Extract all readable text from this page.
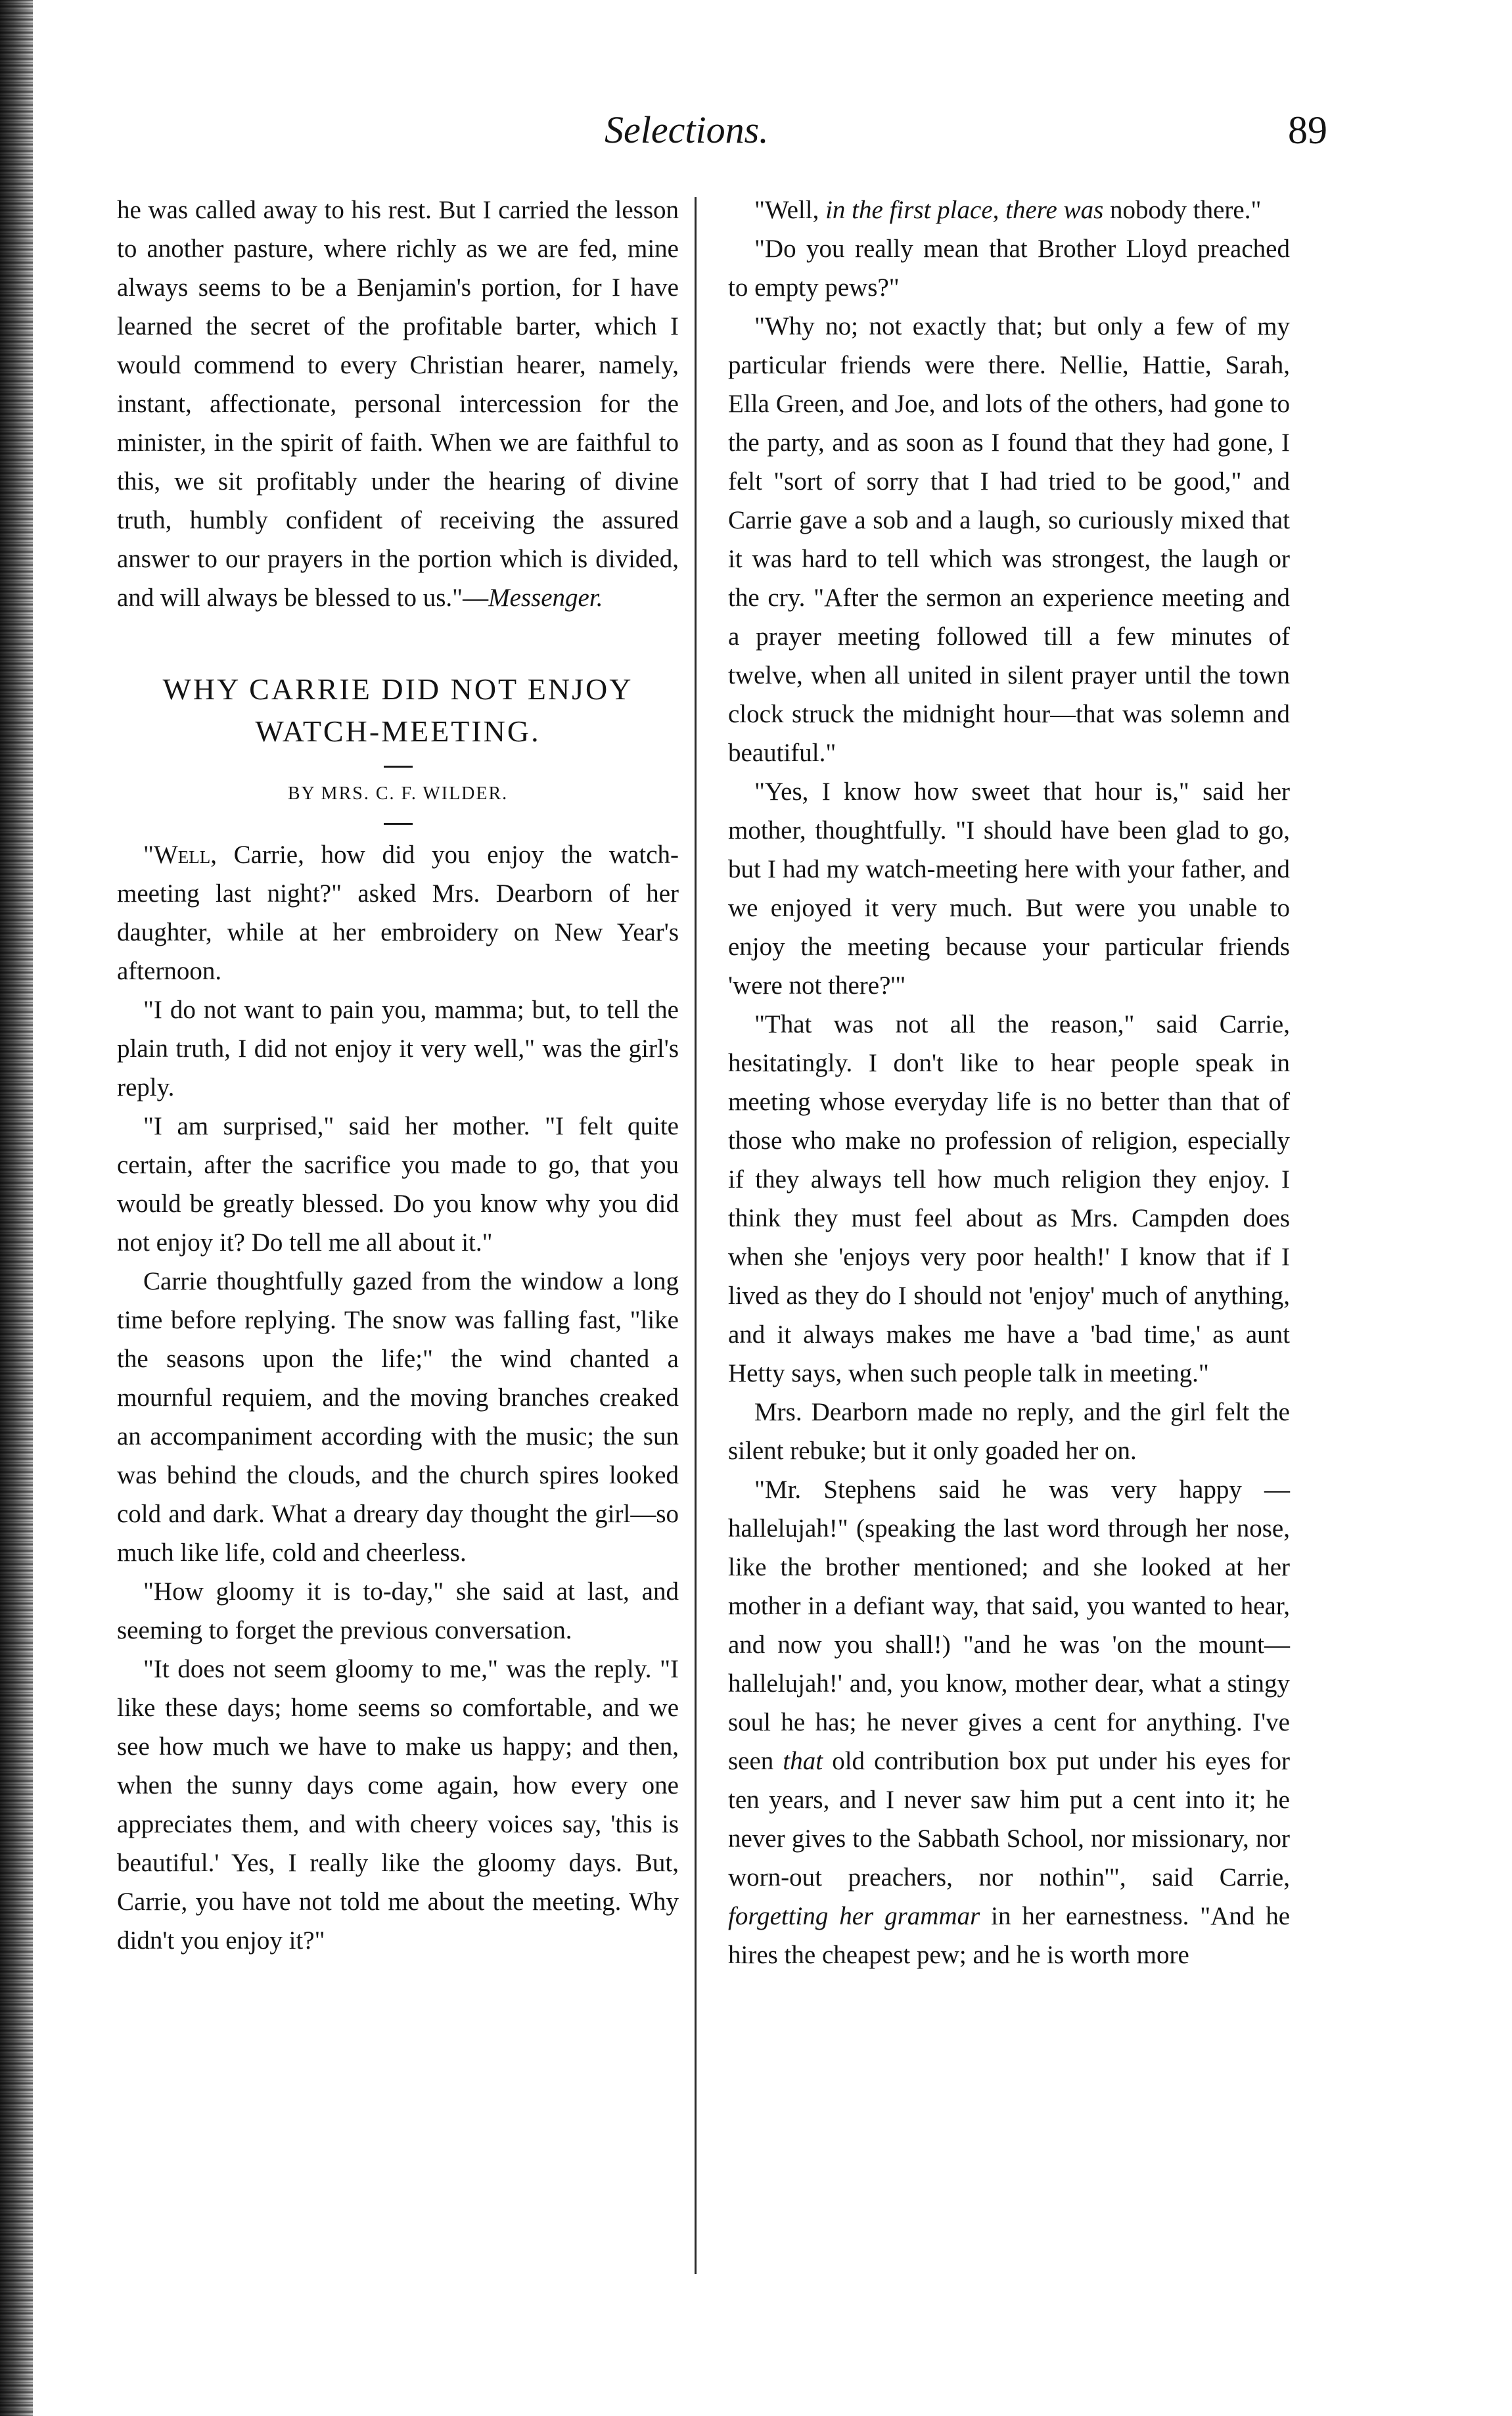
Selections.	89

he was called away to his rest. But I carried the lesson to another pasture, where richly as we are fed, mine always seems to be a Benjamin's portion, for I have learned the secret of the profitable barter, which I would commend to every Christian hearer, namely, instant, affectionate, personal intercession for the minister, in the spirit of faith. When we are faithful to this, we sit profitably under the hearing of divine truth, humbly confident of receiving the assured answer to our prayers in the portion which is divided, and will always be blessed to us."—Messenger.

WHY CARRIE DID NOT ENJOY WATCH-MEETING.
BY MRS. C. F. WILDER.

"Well, Carrie, how did you enjoy the watch-meeting last night?" asked Mrs. Dearborn of her daughter, while at her embroidery on New Year's afternoon.

"I do not want to pain you, mamma; but, to tell the plain truth, I did not enjoy it very well," was the girl's reply.

"I am surprised," said her mother. "I felt quite certain, after the sacrifice you made to go, that you would be greatly blessed. Do you know why you did not enjoy it? Do tell me all about it."

Carrie thoughtfully gazed from the window a long time before replying. The snow was falling fast, "like the seasons upon the life;" the wind chanted a mournful requiem, and the moving branches creaked an accompaniment according with the music; the sun was behind the clouds, and the church spires looked cold and dark. What a dreary day thought the girl—so much like life, cold and cheerless.

"How gloomy it is to-day," she said at last, and seeming to forget the previous conversation.

"It does not seem gloomy to me," was the reply. "I like these days; home seems so comfortable, and we see how much we have to make us happy; and then, when the sunny days come again, how every one appreciates them, and with cheery voices say, 'this is beautiful.' Yes, I really like the gloomy days. But, Carrie, you have not told me about the meeting. Why didn't you enjoy it?"

"Well, in the first place, there was nobody there."

"Do you really mean that Brother Lloyd preached to empty pews?"

"Why no; not exactly that; but only a few of my particular friends were there. Nellie, Hattie, Sarah, Ella Green, and Joe, and lots of the others, had gone to the party, and as soon as I found that they had gone, I felt "sort of sorry that I had tried to be good," and Carrie gave a sob and a laugh, so curiously mixed that it was hard to tell which was strongest, the laugh or the cry. "After the sermon an experience meeting and a prayer meeting followed till a few minutes of twelve, when all united in silent prayer until the town clock struck the midnight hour—that was solemn and beautiful."

"Yes, I know how sweet that hour is," said her mother, thoughtfully. "I should have been glad to go, but I had my watch-meeting here with your father, and we enjoyed it very much. But were you unable to enjoy the meeting because your particular friends 'were not there?'"

"That was not all the reason," said Carrie, hesitatingly. I don't like to hear people speak in meeting whose everyday life is no better than that of those who make no profession of religion, especially if they always tell how much religion they enjoy. I think they must feel about as Mrs. Campden does when she 'enjoys very poor health!' I know that if I lived as they do I should not 'enjoy' much of anything, and it always makes me have a 'bad time,' as aunt Hetty says, when such people talk in meeting."

Mrs. Dearborn made no reply, and the girl felt the silent rebuke; but it only goaded her on.

"Mr. Stephens said he was very happy —hallelujah!" (speaking the last word through her nose, like the brother mentioned; and she looked at her mother in a defiant way, that said, you wanted to hear, and now you shall!) "and he was 'on the mount— hallelujah!' and, you know, mother dear, what a stingy soul he has; he never gives a cent for anything. I've seen that old contribution box put under his eyes for ten years, and I never saw him put a cent into it; he never gives to the Sabbath School, nor missionary, nor worn-out preachers, nor nothin'", said Carrie, forgetting her grammar in her earnestness. "And he hires the cheapest pew; and he is worth more
